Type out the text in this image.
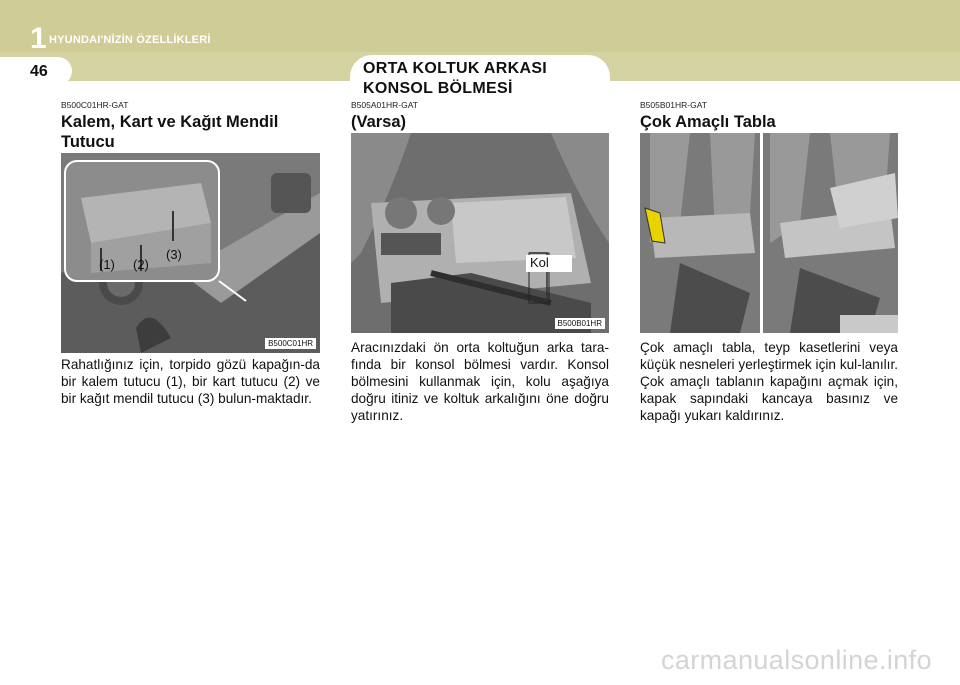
1 HYUNDAI'NİZİN ÖZELLİKLERİ
46	ORTA KOLTUK ARKASI
KONSOL BÖLMESİ
B500C01HR-GAT
Kalem, Kart ve Kağıt Mendil Tutucu
B500C01HR
(1) (2)
(3)
Rahatlığınız için, torpido gözü kapağın-da bir kalem tutucu (1), bir kart tutucu (2) ve bir kağıt mendil tutucu (3) bulun-maktadır.
B505A01HR-GAT
(Varsa)
B500B01HR
Kol
Aracınızdaki ön orta koltuğun arka tara-fında bir konsol bölmesi vardır. Konsol bölmesini kullanmak için, kolu aşağıya doğru itiniz ve koltuk arkalığını öne doğru yatırınız.
B505B01HR-GAT
Çok Amaçlı Tabla
Çok amaçlı tabla, teyp kasetlerini veya küçük nesneleri yerleştirmek için kul-lanılır. Çok amaçlı tablanın kapağını açmak için, kapak sapındaki kancaya basınız ve kapağı yukarı kaldırınız.
carmanualsonline.info
